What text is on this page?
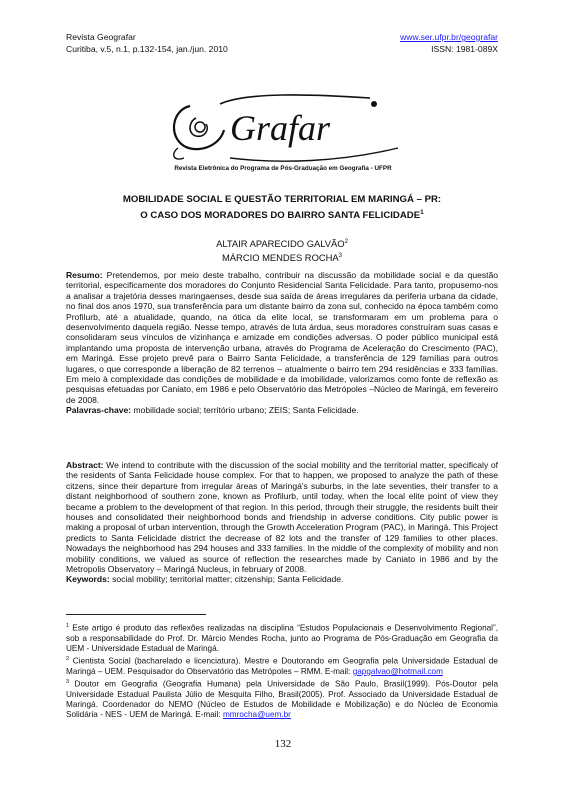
Revista Geografar	www.ser.ufpr.br/geografar
Curitiba, v.5, n.1, p.132-154, jan./jun. 2010	ISSN: 1981-089X
Grafar
Revista Eletrônica do Programa de Pós-Graduação em Geografia - UFPR
MOBILIDADE SOCIAL E QUESTÃO TERRITORIAL EM MARINGÁ – PR:
O CASO DOS MORADORES DO BAIRRO SANTA FELICIDADE$^1$
ALTAIR APARECIDO GALVÃO$^2$
MÁRCIO MENDES ROCHA$^3$
Resumo: Pretendemos, por meio deste trabalho, contribuir na discussão da mobilidade social e da questão territorial, especificamente dos moradores do Conjunto Residencial Santa Felicidade. Para tanto, propusemo-nos a analisar a trajetória desses maringaenses, desde sua saída de áreas irregulares da periferia urbana da cidade, no final dos anos 1970, sua transferência para um distante bairro da zona sul, conhecido na época também como Profilurb, até a atualidade, quando, na ótica da elite local, se transformaram em um problema para o desenvolvimento daquela região. Nesse tempo, através de luta árdua, seus moradores construíram suas casas e consolidaram seus vínculos de vizinhança e amizade em condições adversas. O poder público municipal está implantando uma proposta de intervenção urbana, através do Programa de Aceleração do Crescimento (PAC), em Maringá. Esse projeto prevê para o Bairro Santa Felicidade, a transferência de 129 famílias para outros lugares, o que corresponde a liberação de 82 terrenos – atualmente o bairro tem 294 residências e 333 famílias. Em meio à complexidade das condições de mobilidade e da imobilidade, valorizamos como fonte de reflexão as pesquisas efetuadas por Caniato, em 1986 e pelo Observatório das Metrópoles –Núcleo de Maringá, em fevereiro de 2008.
Palavras-chave: mobilidade social; território urbano; ZEIS; Santa Felicidade.
Abstract: We intend to contribute with the discussion of the social mobility and the territorial matter, specificaly of the residents of Santa Felicidade house complex. For that to happen, we proposed to analyze the path of these citzens, since their departure from irregular áreas of Maringá's suburbs, in the late seventies, their transfer to a distant neighborhood of southern zone, known as Profilurb, until today, when the local elite point of view they became a problem to the development of that region. In this period, through their struggle, the residents built their houses and consolidated their neighborhood bonds and friendship in adverse conditions. City public power is making a proposal of urban intervention, through the Growth Acceleration Program (PAC), in Maringá. This Project predicts to Santa Felicidade district the decrease of 82 lots and the transfer of 129 families to other places. Nowadays the neighborhood has 294 houses and 333 families. In the middle of the complexity of mobility and non mobility conditions, we valued as source of reflection the researches made by Caniato in 1986 and by the Metropolis Observatory – Maringá Nucleus, in february of 2008.
Keywords: social mobility; territorial matter; citzenship; Santa Felicidade.
$^1$ Este artigo é produto das reflexões realizadas na disciplina “Estudos Populacionais e Desenvolvimento Regional”, sob a responsabilidade do Prof. Dr. Márcio Mendes Rocha, junto ao Programa de Pós-Graduação em Geografia da UEM - Universidade Estadual de Maringá.
$^2$ Cientista Social (bacharelado e licenciatura). Mestre e Doutorando em Geografia pela Universidade Estadual de Maringá – UEM. Pesquisador do Observatório das Metrópoles – RMM. E-mail: gapgalvao@hotmail.com
$^3$ Doutor em Geografia (Geografia Humana) pela Universidade de São Paulo, Brasil(1999). Pós-Doutor pela Universidade Estadual Paulista Júlio de Mesquita Filho, Brasil(2005). Prof. Associado da Universidade Estadual de Maringá. Coordenador do NEMO (Núcleo de Estudos de Mobilidade e Mobilização) e do Núcleo de Economia Solidária - NES - UEM de Maringá. E-mail: mmrocha@uem.br
132
